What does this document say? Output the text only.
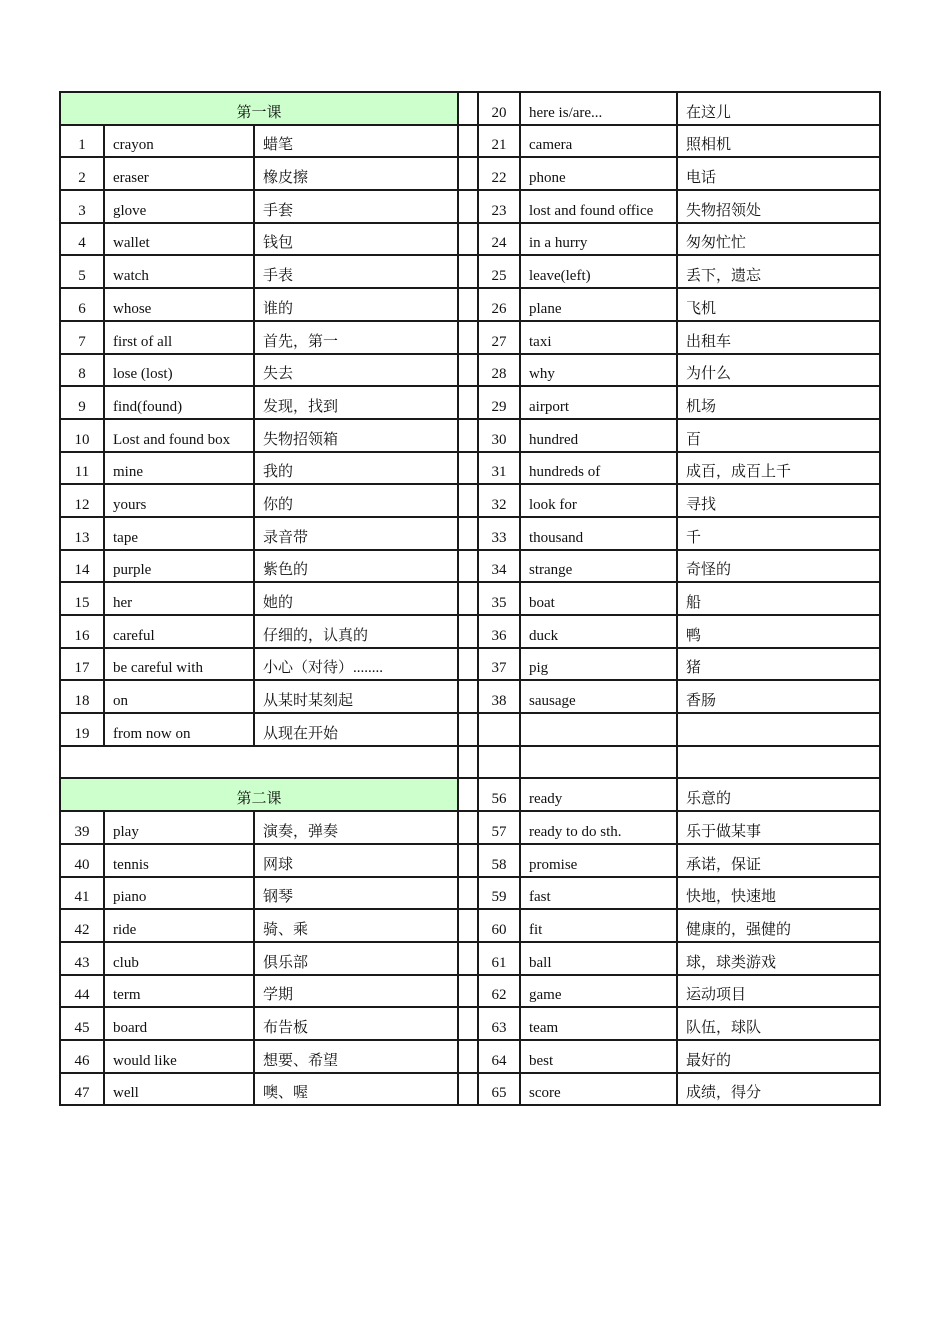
第一课				20	here is/are...	在这儿
1	crayon	蜡笔		21	camera	照相机
2	eraser	橡皮擦		22	phone	电话
3	glove	手套		23	lost and found office	失物招领处
4	wallet	钱包		24	in a hurry	匆匆忙忙
5	watch	手表		25	leave(left)	丢下，遗忘
6	whose	谁的		26	plane	飞机
7	first of all	首先，第一		27	taxi	出租车
8	lose (lost)	失去		28	why	为什么
9	find(found)	发现，找到		29	airport	机场
10	Lost and found box	失物招领箱		30	hundred	百
11	mine	我的		31	hundreds of	成百，成百上千
12	yours	你的		32	look for	寻找
13	tape	录音带		33	thousand	千
14	purple	紫色的		34	strange	奇怪的
15	her	她的		35	boat	船
16	careful	仔细的，认真的		36	duck	鸭
17	be careful with	小心（对待）........		37	pig	猪
18	on	从某时某刻起		38	sausage	香肠
19	from now on	从现在开始				

第二课				56	ready	乐意的
39	play	演奏，弹奏		57	ready to do sth.	乐于做某事
40	tennis	网球		58	promise	承诺，保证
41	piano	钢琴		59	fast	快地，快速地
42	ride	骑、乘		60	fit	健康的，强健的
43	club	俱乐部		61	ball	球，球类游戏
44	term	学期		62	game	运动项目
45	board	布告板		63	team	队伍，球队
46	would like	想要、希望		64	best	最好的
47	well	噢、喔		65	score	成绩，得分
